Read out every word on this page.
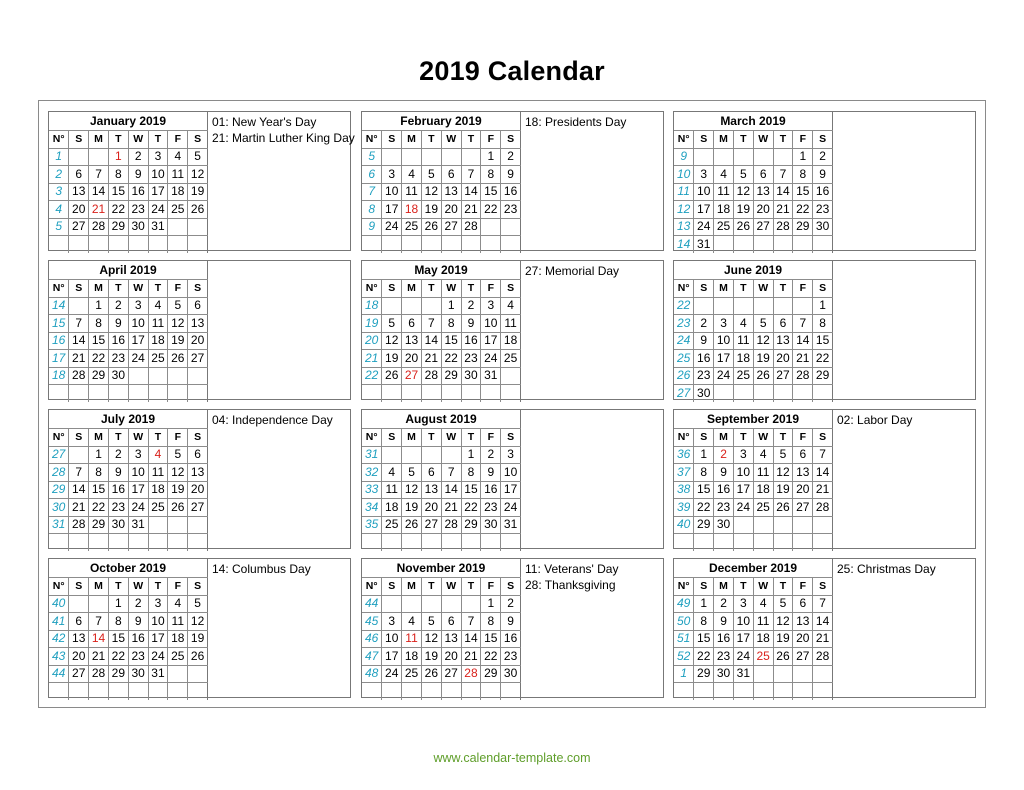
2019 Calendar
January 2019							
N°	S	M	T	W	T	F	S
1			1	2	3	4	5
2	6	7	8	9	10	11	12
3	13	14	15	16	17	18	19
4	20	21	22	23	24	25	26
5	27	28	29	30	31		

01: New Year's Day
21: Martin Luther King Day
February 2019							
N°	S	M	T	W	T	F	S
5						1	2
6	3	4	5	6	7	8	9
7	10	11	12	13	14	15	16
8	17	18	19	20	21	22	23
9	24	25	26	27	28		

18: Presidents Day	March 2019							
N°	S	M	T	W	T	F	S
9						1	2
10	3	4	5	6	7	8	9
11	10	11	12	13	14	15	16
12	17	18	19	20	21	22	23
13	24	25	26	27	28	29	30
14	31						
April 2019							
N°	S	M	T	W	T	F	S
14		1	2	3	4	5	6
15	7	8	9	10	11	12	13
16	14	15	16	17	18	19	20
17	21	22	23	24	25	26	27
18	28	29	30				

May 2019							
N°	S	M	T	W	T	F	S
18				1	2	3	4
19	5	6	7	8	9	10	11
20	12	13	14	15	16	17	18
21	19	20	21	22	23	24	25
22	26	27	28	29	30	31	

27: Memorial Day	June 2019							
N°	S	M	T	W	T	F	S
22							1
23	2	3	4	5	6	7	8
24	9	10	11	12	13	14	15
25	16	17	18	19	20	21	22
26	23	24	25	26	27	28	29
27	30						
July 2019							
N°	S	M	T	W	T	F	S
27		1	2	3	4	5	6
28	7	8	9	10	11	12	13
29	14	15	16	17	18	19	20
30	21	22	23	24	25	26	27
31	28	29	30	31			

04: Independence Day	August 2019							
N°	S	M	T	W	T	F	S
31					1	2	3
32	4	5	6	7	8	9	10
33	11	12	13	14	15	16	17
34	18	19	20	21	22	23	24
35	25	26	27	28	29	30	31

September 2019							
N°	S	M	T	W	T	F	S
36	1	2	3	4	5	6	7
37	8	9	10	11	12	13	14
38	15	16	17	18	19	20	21
39	22	23	24	25	26	27	28
40	29	30					

02: Labor Day
October 2019							
N°	S	M	T	W	T	F	S
40			1	2	3	4	5
41	6	7	8	9	10	11	12
42	13	14	15	16	17	18	19
43	20	21	22	23	24	25	26
44	27	28	29	30	31		

14: Columbus Day	November 2019							
N°	S	M	T	W	T	F	S
44						1	2
45	3	4	5	6	7	8	9
46	10	11	12	13	14	15	16
47	17	18	19	20	21	22	23
48	24	25	26	27	28	29	30

11: Veterans' Day
28: Thanksgiving
December 2019							
N°	S	M	T	W	T	F	S
49	1	2	3	4	5	6	7
50	8	9	10	11	12	13	14
51	15	16	17	18	19	20	21
52	22	23	24	25	26	27	28
1	29	30	31				

25: Christmas Day
www.calendar-template.com
